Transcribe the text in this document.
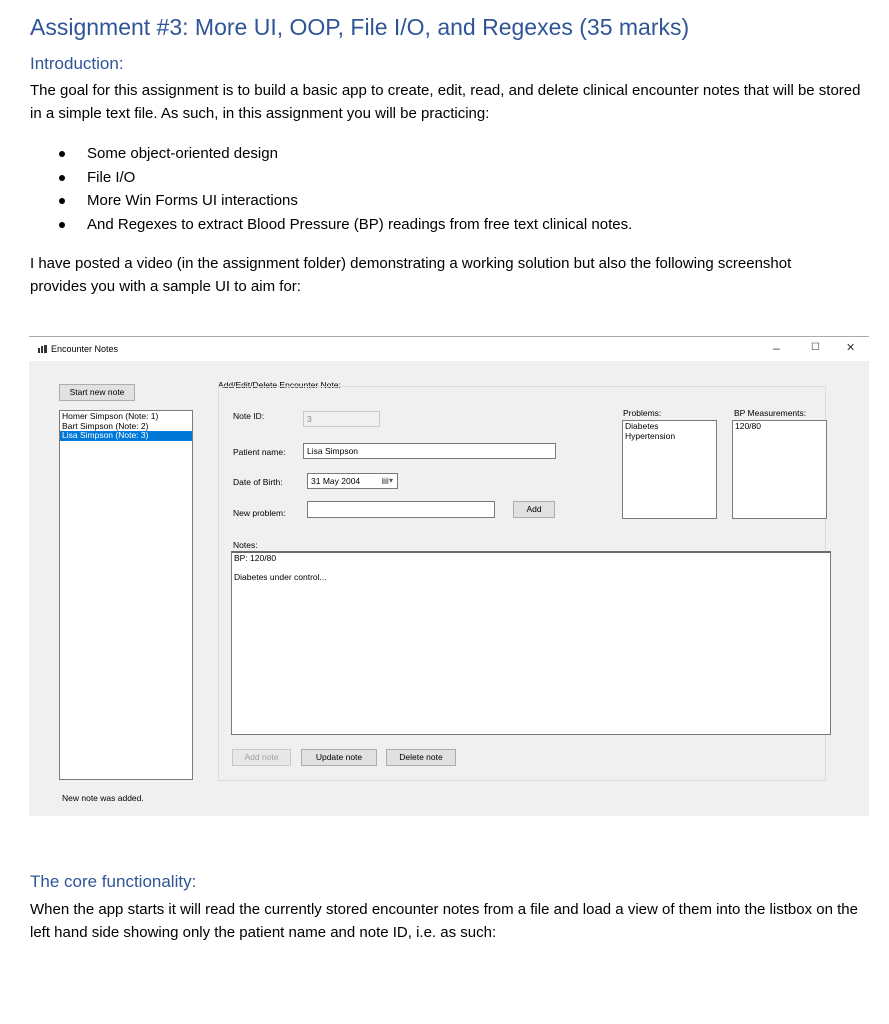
Assignment #3: More UI, OOP, File I/O, and Regexes (35 marks)
Introduction:

The goal for this assignment is to build a basic app to create, edit, read, and delete clinical encounter notes that will be stored in a simple text file. As such, in this assignment you will be practicing:

Some object-oriented design
File I/O
More Win Forms UI interactions
And Regexes to extract Blood Pressure (BP) readings from free text clinical notes.

I have posted a video (in the assignment folder) demonstrating a working solution but also the following screenshot provides you with a sample UI to aim for:

Encounter Notes	–	☐ ✕
Start new note
Homer Simpson (Note: 1)
Bart Simpson (Note: 2)
Lisa Simpson (Note: 3)
New note was added.
Add/Edit/Delete Encounter Note:
Note ID:	3
Patient name:	Lisa Simpson
Date of Birth:	31 May 2004	▤▾
New problem:	Add
Problems:
Diabetes
Hypertension
BP Measurements:
120/80
Notes:
BP: 120/80
Diabetes under control...
Add note	Update note	Delete note
The core functionality:

When the app starts it will read the currently stored encounter notes from a file and load a view of them into the listbox on the left hand side showing only the patient name and note ID, i.e. as such:
